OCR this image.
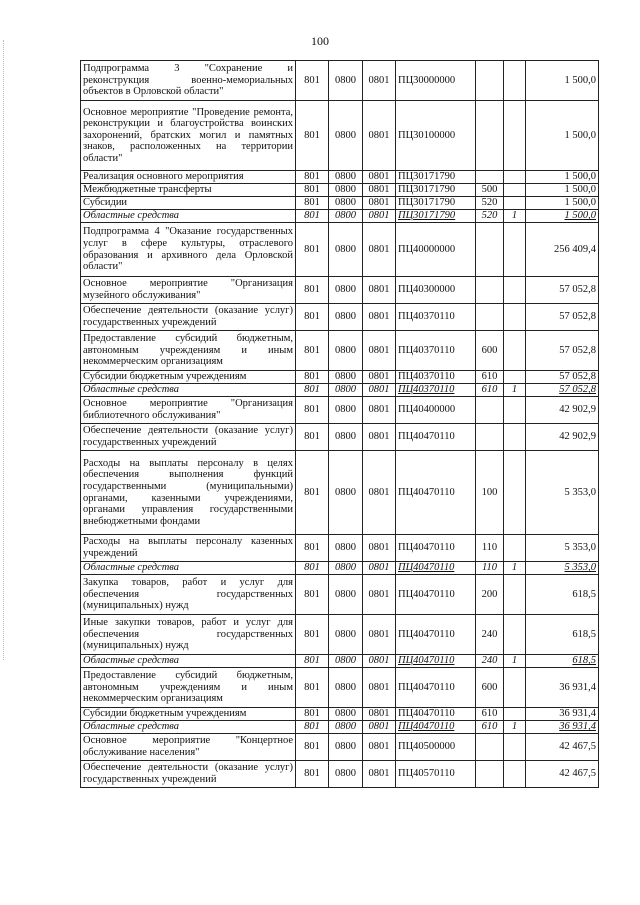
100
Подпрограмма 3 "Сохранение и реконструкция военно-мемориальных объектов в Орловской области"	801	0800	0801	ПЦ30000000			1 500,0
Основное мероприятие "Проведение ремонта, реконструкции и благоустройства воинских захоронений, братских могил и памятных знаков, расположенных на территории области"	801	0800	0801	ПЦ30100000			1 500,0
Реализация основного мероприятия	801	0800	0801	ПЦ30171790			1 500,0
Межбюджетные трансферты	801	0800	0801	ПЦ30171790	500		1 500,0
Субсидии	801	0800	0801	ПЦ30171790	520		1 500,0
Областные средства	801	0800	0801	ПЦ30171790	520	1	1 500,0
Подпрограмма 4 "Оказание государственных услуг в сфере культуры, отраслевого образования и архивного дела Орловской области"	801	0800	0801	ПЦ40000000			256 409,4
Основное мероприятие "Организация музейного обслуживания"	801	0800	0801	ПЦ40300000			57 052,8
Обеспечение деятельности (оказание услуг) государственных учреждений	801	0800	0801	ПЦ40370110			57 052,8
Предоставление субсидий бюджетным, автономным учреждениям и иным некоммерческим организациям	801	0800	0801	ПЦ40370110	600		57 052,8
Субсидии бюджетным учреждениям	801	0800	0801	ПЦ40370110	610		57 052,8
Областные средства	801	0800	0801	ПЦ40370110	610	1	57 052,8
Основное мероприятие "Организация библиотечного обслуживания"	801	0800	0801	ПЦ40400000			42 902,9
Обеспечение деятельности (оказание услуг) государственных учреждений	801	0800	0801	ПЦ40470110			42 902,9
Расходы на выплаты персоналу в целях обеспечения выполнения функций государственными (муниципальными) органами, казенными учреждениями, органами управления государственными внебюджетными фондами	801	0800	0801	ПЦ40470110	100		5 353,0
Расходы на выплаты персоналу казенных учреждений	801	0800	0801	ПЦ40470110	110		5 353,0
Областные средства	801	0800	0801	ПЦ40470110	110	1	5 353,0
Закупка товаров, работ и услуг для обеспечения государственных (муниципальных) нужд	801	0800	0801	ПЦ40470110	200		618,5
Иные закупки товаров, работ и услуг для обеспечения государственных (муниципальных) нужд	801	0800	0801	ПЦ40470110	240		618,5
Областные средства	801	0800	0801	ПЦ40470110	240	1	618,5
Предоставление субсидий бюджетным, автономным учреждениям и иным некоммерческим организациям	801	0800	0801	ПЦ40470110	600		36 931,4
Субсидии бюджетным учреждениям	801	0800	0801	ПЦ40470110	610		36 931,4
Областные средства	801	0800	0801	ПЦ40470110	610	1	36 931,4
Основное мероприятие "Концертное обслуживание населения"	801	0800	0801	ПЦ40500000			42 467,5
Обеспечение деятельности (оказание услуг) государственных учреждений	801	0800	0801	ПЦ40570110			42 467,5
